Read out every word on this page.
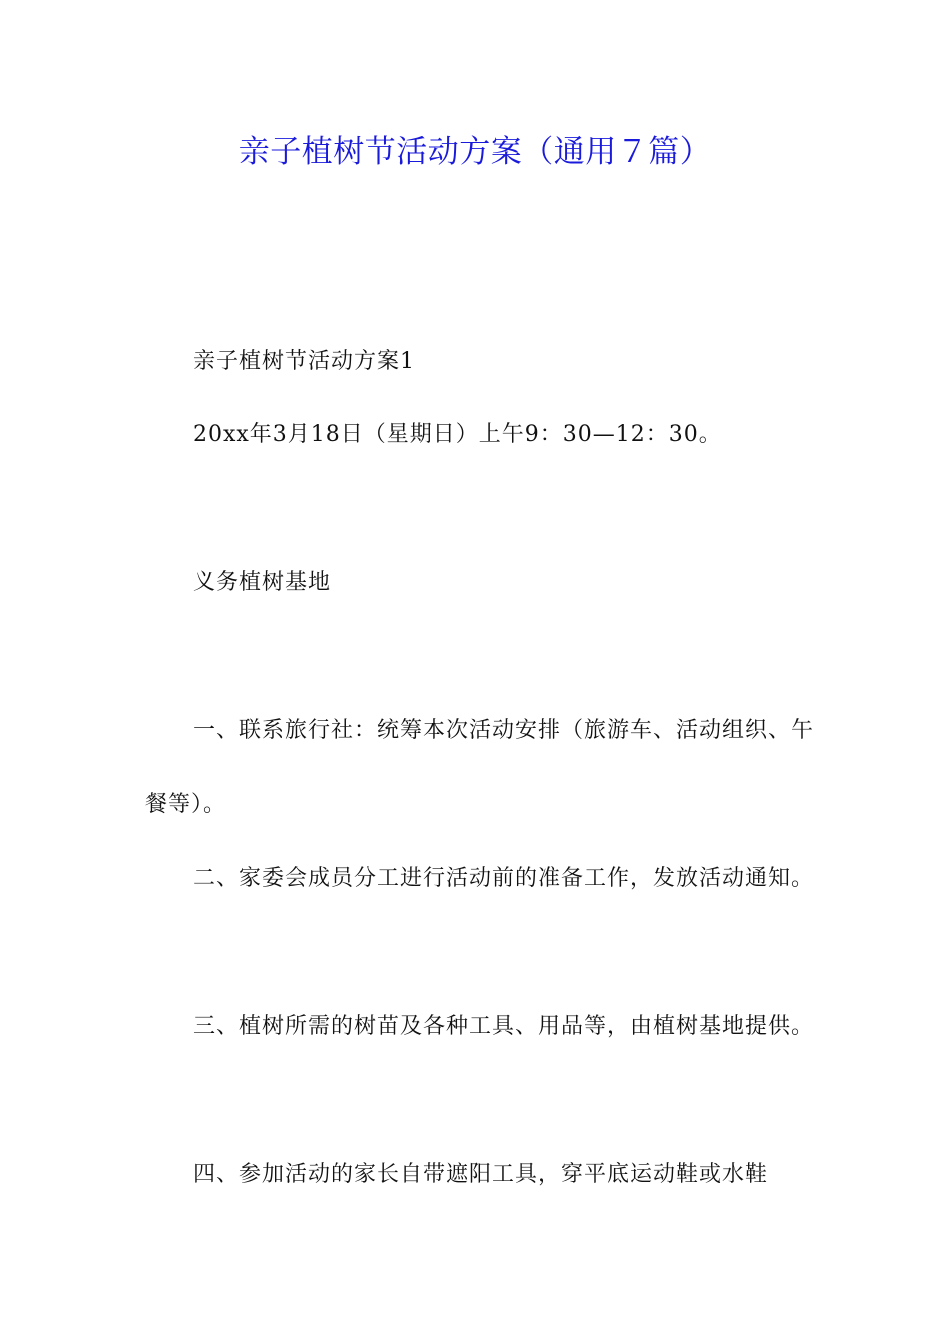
亲子植树节活动方案（通用７篇）

亲子植树节活动方案1

20xx年3月18日（星期日）上午9：30—12：30。

义务植树基地

一、联系旅行社：统筹本次活动安排（旅游车、活动组织、午餐等）。

二、家委会成员分工进行活动前的准备工作，发放活动通知。

三、植树所需的树苗及各种工具、用品等，由植树基地提供。

四、参加活动的家长自带遮阳工具，穿平底运动鞋或水鞋
